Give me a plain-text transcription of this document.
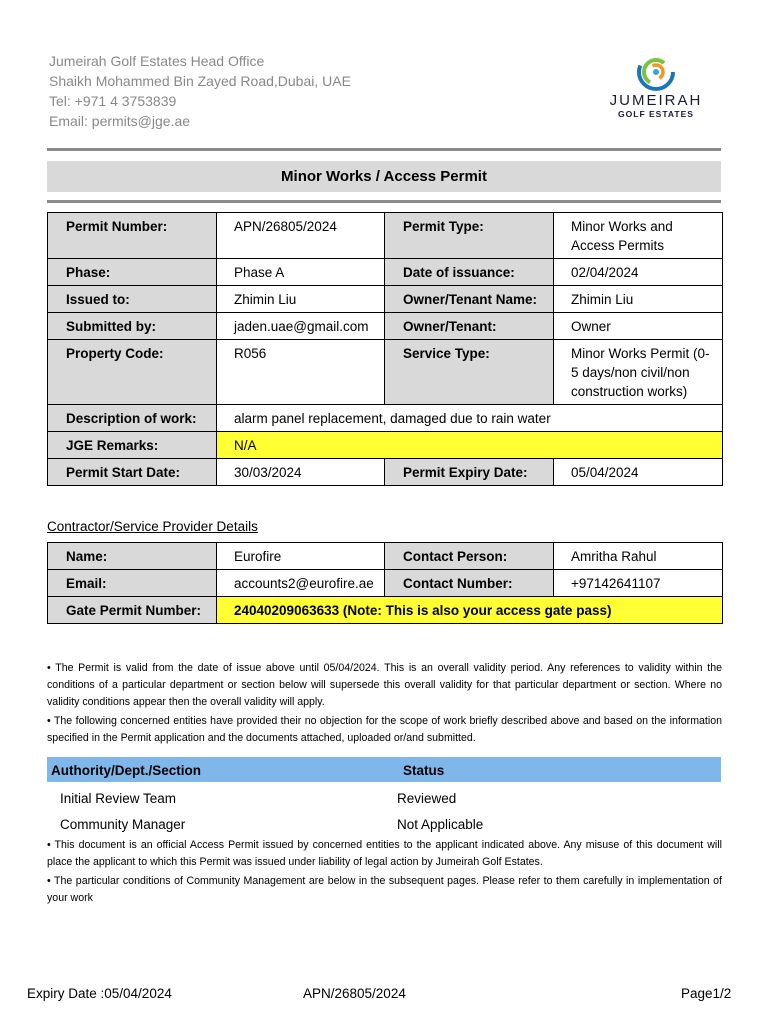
Jumeirah Golf Estates Head Office
Shaikh Mohammed Bin Zayed Road,Dubai, UAE
Tel: +971 4 3753839
Email: permits@jge.ae
JUMEIRAH
GOLF ESTATES
Minor Works / Access Permit
Permit Number:	APN/26805/2024	Permit Type:	Minor Works and Access Permits
Phase:	Phase A	Date of issuance:	02/04/2024
Issued to:	Zhimin Liu	Owner/Tenant Name:	Zhimin Liu
Submitted by:	jaden.uae@gmail.com	Owner/Tenant:	Owner
Property Code:	R056	Service Type:	Minor Works Permit (0-5 days/non civil/non construction works)
Description of work:	alarm panel replacement, damaged due to rain water		
JGE Remarks:	N/A		
Permit Start Date:	30/03/2024	Permit Expiry Date:	05/04/2024
Contractor/Service Provider Details
Name:	Eurofire	Contact Person:	Amritha Rahul
Email:	accounts2@eurofire.ae	Contact Number:	+97142641107
Gate Permit Number:	24040209063633 (Note: This is also your access gate pass)		
• The Permit is valid from the date of issue above until 05/04/2024. This is an overall validity period. Any references to validity within the conditions of a particular department or section below will supersede this overall validity for that particular department or section. Where no validity conditions appear then the overall validity will apply.
• The following concerned entities have provided their no objection for the scope of work briefly described above and based on the information specified in the Permit application and the documents attached, uploaded or/and submitted.
Authority/Dept./Section	Status
Initial Review Team	Reviewed
Community Manager	Not Applicable
• This document is an official Access Permit issued by concerned entities to the applicant indicated above. Any misuse of this document will place the applicant to which this Permit was issued under liability of legal action by Jumeirah Golf Estates.
• The particular conditions of Community Management are below in the subsequent pages. Please refer to them carefully in implementation of your work
Expiry Date :05/04/2024	APN/26805/2024	Page1/2
